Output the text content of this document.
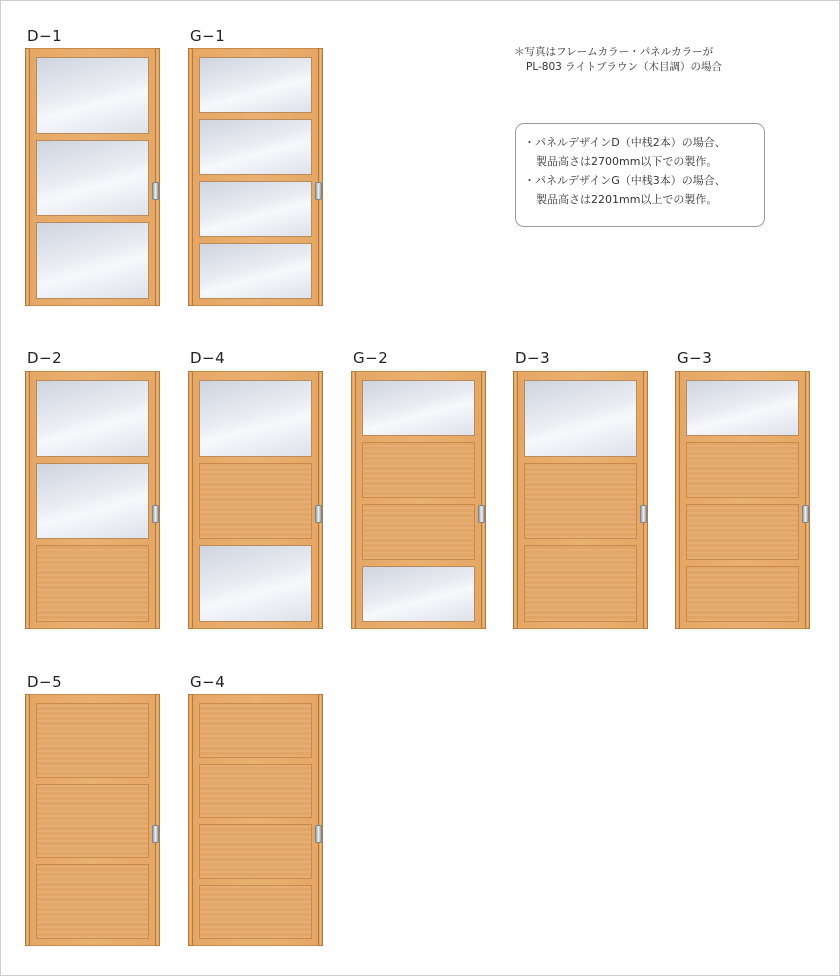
＊写真はフレームカラー・パネルカラーが
PL-803 ライトブラウン（木目調）の場合
・パネルデザインD（中桟2本）の場合、
製品高さは2700mm以下での製作。
・パネルデザインG（中桟3本）の場合、
製品高さは2201mm以上での製作。
D−1	G−1
D−2	D−4	G−2	D−3	G−3
D−5	G−4
